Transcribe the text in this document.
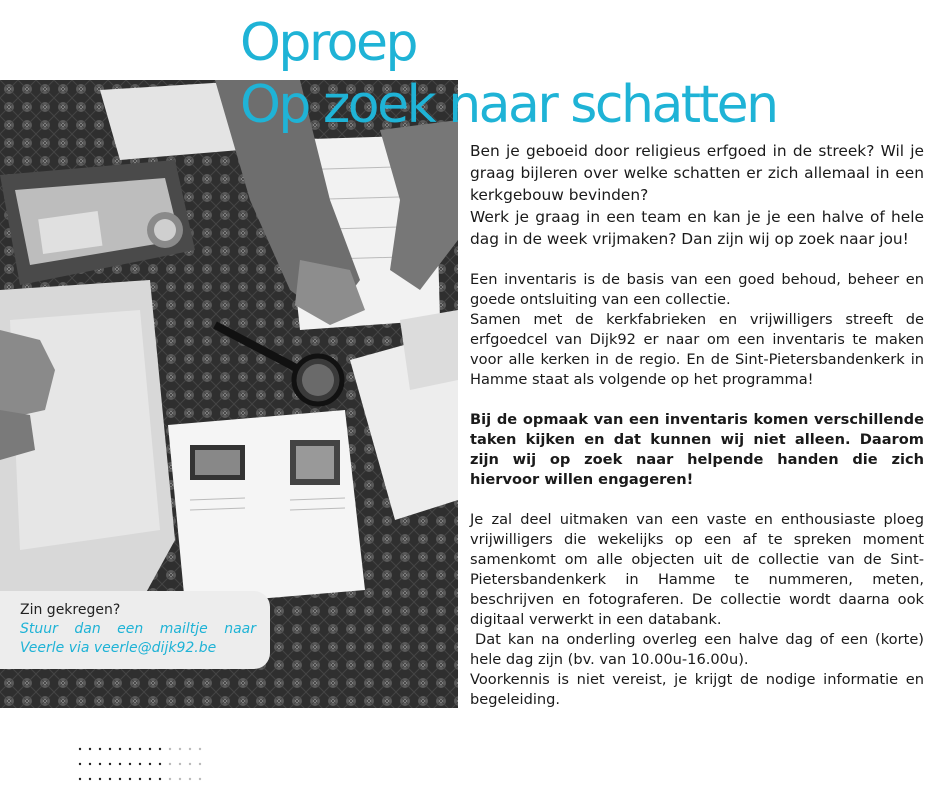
Oproep
Op zoek naar schatten

Ben je geboeid door religieus erfgoed in de streek? Wil je graag bijleren over welke schatten er zich allemaal in een kerkgebouw bevinden?

Werk je graag in een team en kan je je een halve of hele dag in de week vrijmaken? Dan zijn wij op zoek naar jou!

Een inventaris is de basis van een goed behoud, beheer en goede ontsluiting van een collectie.

Samen met de kerkfabrieken en vrijwilligers streeft de erfgoedcel van Dijk92 er naar om een inventaris te maken voor alle kerken in de regio. En de Sint-Pietersbandenkerk in Hamme staat als volgende op het programma!

Bij de opmaak van een inventaris komen verschillende taken kijken en dat kunnen wij niet alleen. Daarom zijn wij op zoek naar helpende handen die zich hiervoor willen engageren!

Je zal deel uitmaken van een vaste en enthousiaste ploeg vrijwilligers die wekelijks op een af te spreken moment samenkomt om alle objecten uit de collectie van de Sint-Pietersbandenkerk in Hamme te nummeren, meten, beschrijven en fotograferen. De collectie wordt daarna ook digitaal verwerkt in een databank.

Dat kan na onderling overleg een halve dag of een (korte) hele dag zijn (bv. van 10.00u-16.00u).

Voorkennis is niet vereist, je krijgt de nodige informatie en begeleiding.

Zin gekregen?
Stuur dan een mailtje naar Veerle via veerle@dijk92.be
